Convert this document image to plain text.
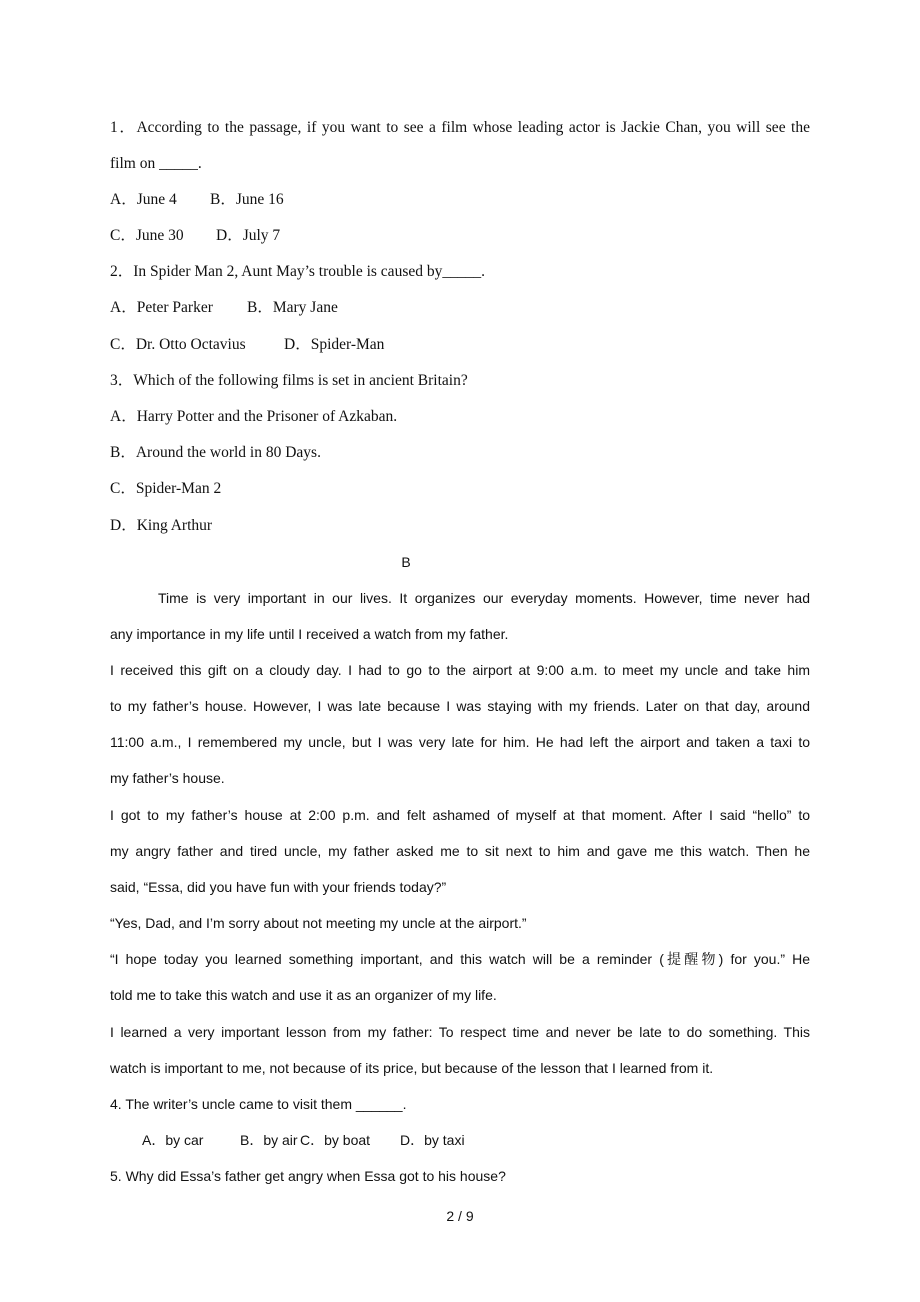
1．According to the passage, if you want to see a film whose leading actor is Jackie Chan, you will see the
film on _____.
A．June 4 B．June 16
C．June 30 D．July 7
2．In Spider Man 2, Aunt May’s trouble is caused by_____.
A．Peter Parker B．Mary Jane
C．Dr. Otto Octavius D．Spider-Man
3．Which of the following films is set in ancient Britain?
A．Harry Potter and the Prisoner of Azkaban.
B．Around the world in 80 Days.
C．Spider-Man 2
D．King Arthur
B
Time is very important in our lives. It organizes our everyday moments. However, time never had
any importance in my life until I received a watch from my father.
I received this gift on a cloudy day. I had to go to the airport at 9:00 a.m. to meet my uncle and take him
to my father’s house. However, I was late because I was staying with my friends. Later on that day, around
11:00 a.m., I remembered my uncle, but I was very late for him. He had left the airport and taken a taxi to
my father’s house.
I got to my father’s house at 2:00 p.m. and felt ashamed of myself at that moment. After I said “hello” to
my angry father and tired uncle, my father asked me to sit next to him and gave me this watch. Then he
said, “Essa, did you have fun with your friends today?”
“Yes, Dad, and I’m sorry about not meeting my uncle at the airport.”
“I hope today you learned something important, and this watch will be a reminder (提醒物) for you.” He
told me to take this watch and use it as an organizer of my life.
I learned a very important lesson from my father: To respect time and never be late to do something. This
watch is important to me, not because of its price, but because of the lesson that I learned from it.
4. The writer’s uncle came to visit them ______.
A．by car	B．by air C．by boat D．by taxi
5. Why did Essa’s father get angry when Essa got to his house?
2 / 9
